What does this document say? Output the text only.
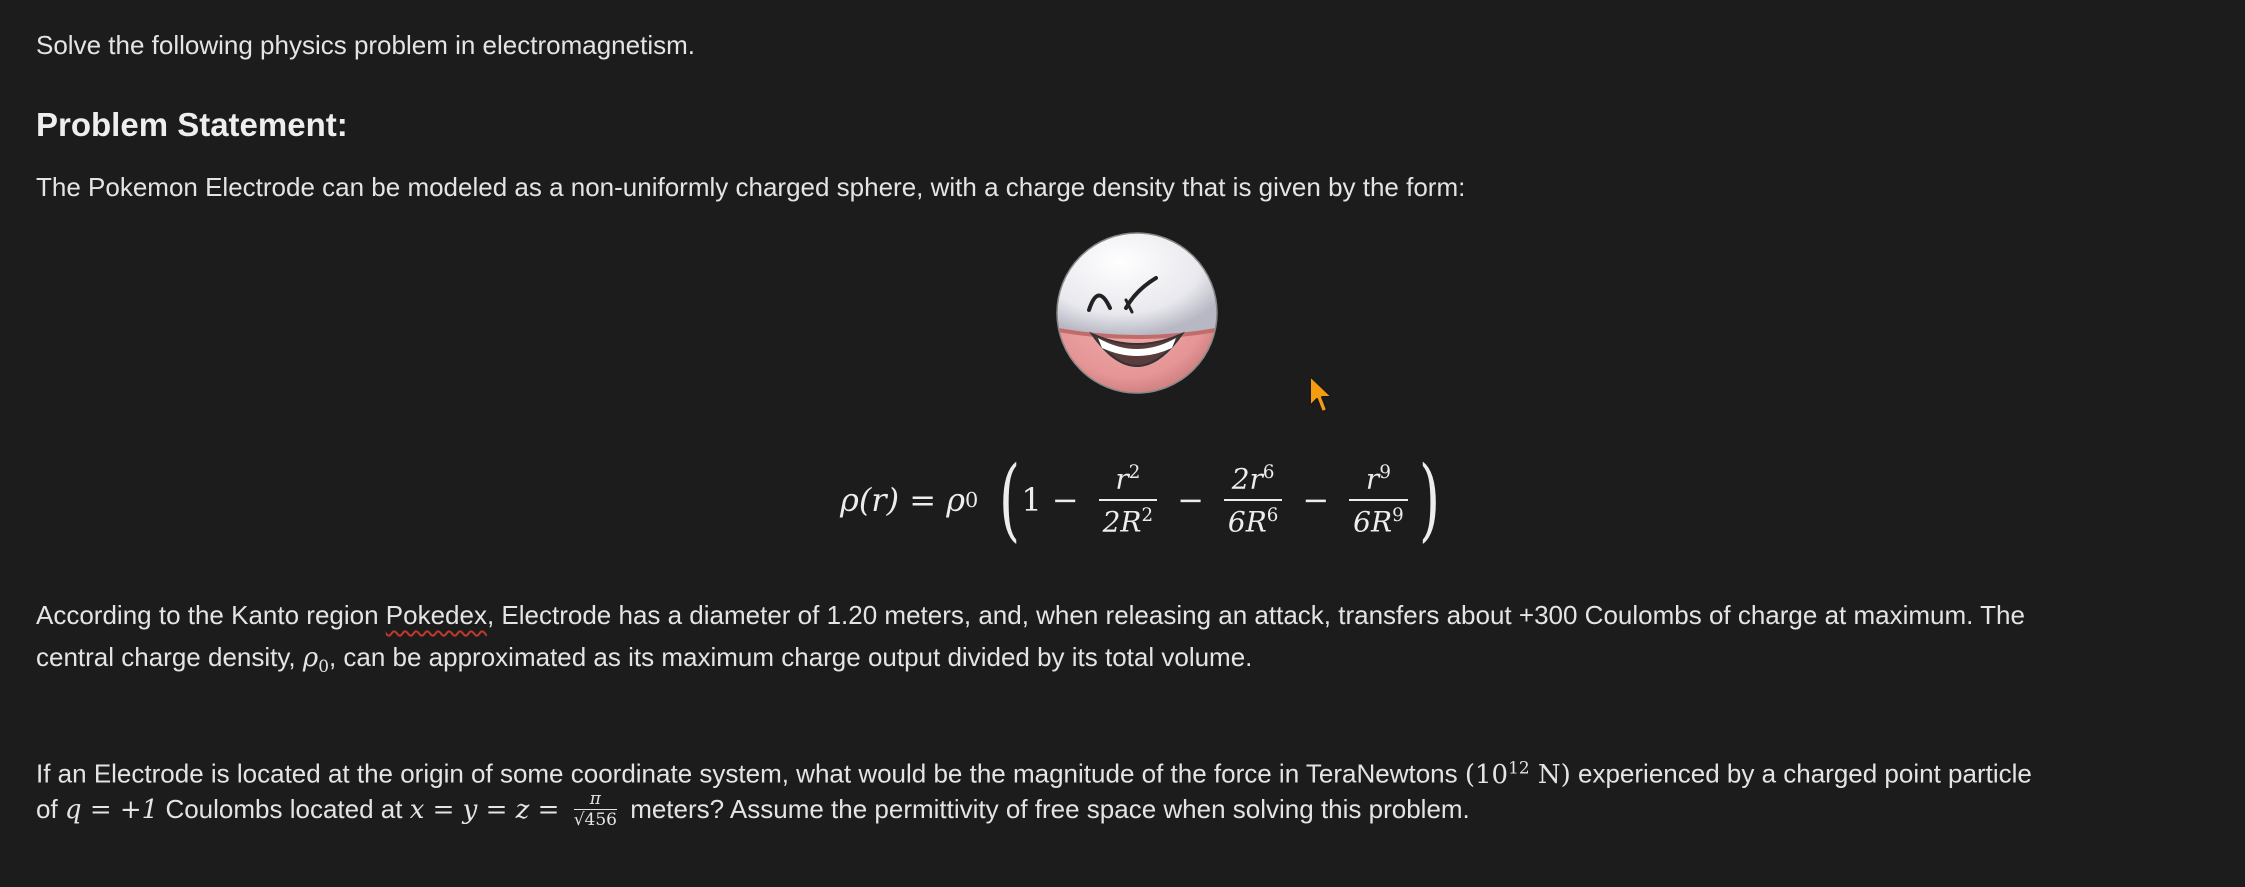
Solve the following physics problem in electromagnetism.
Problem Statement:
The Pokemon Electrode can be modeled as a non-uniformly charged sphere, with a charge density that is given by the form:
ρ(r) = ρ 0 ( $1 - \frac{r^2}{2R^2} - \frac{2r^6}{6R^6} - \frac{r^9}{6R^9}$ )
According to the Kanto region Pokedex, Electrode has a diameter of 1.20 meters, and, when releasing an attack, transfers about +300 Coulombs of charge at maximum. The
central charge density, $\rho_0$, can be approximated as its maximum charge output divided by its total volume.
If an Electrode is located at the origin of some coordinate system, what would be the magnitude of the force in TeraNewtons ($10^{12}$ N) experienced by a charged point particle
of q = +1 Coulombs located at $x = y = z = \frac{\pi}{√456}$ meters? Assume the permittivity of free space when solving this problem.
